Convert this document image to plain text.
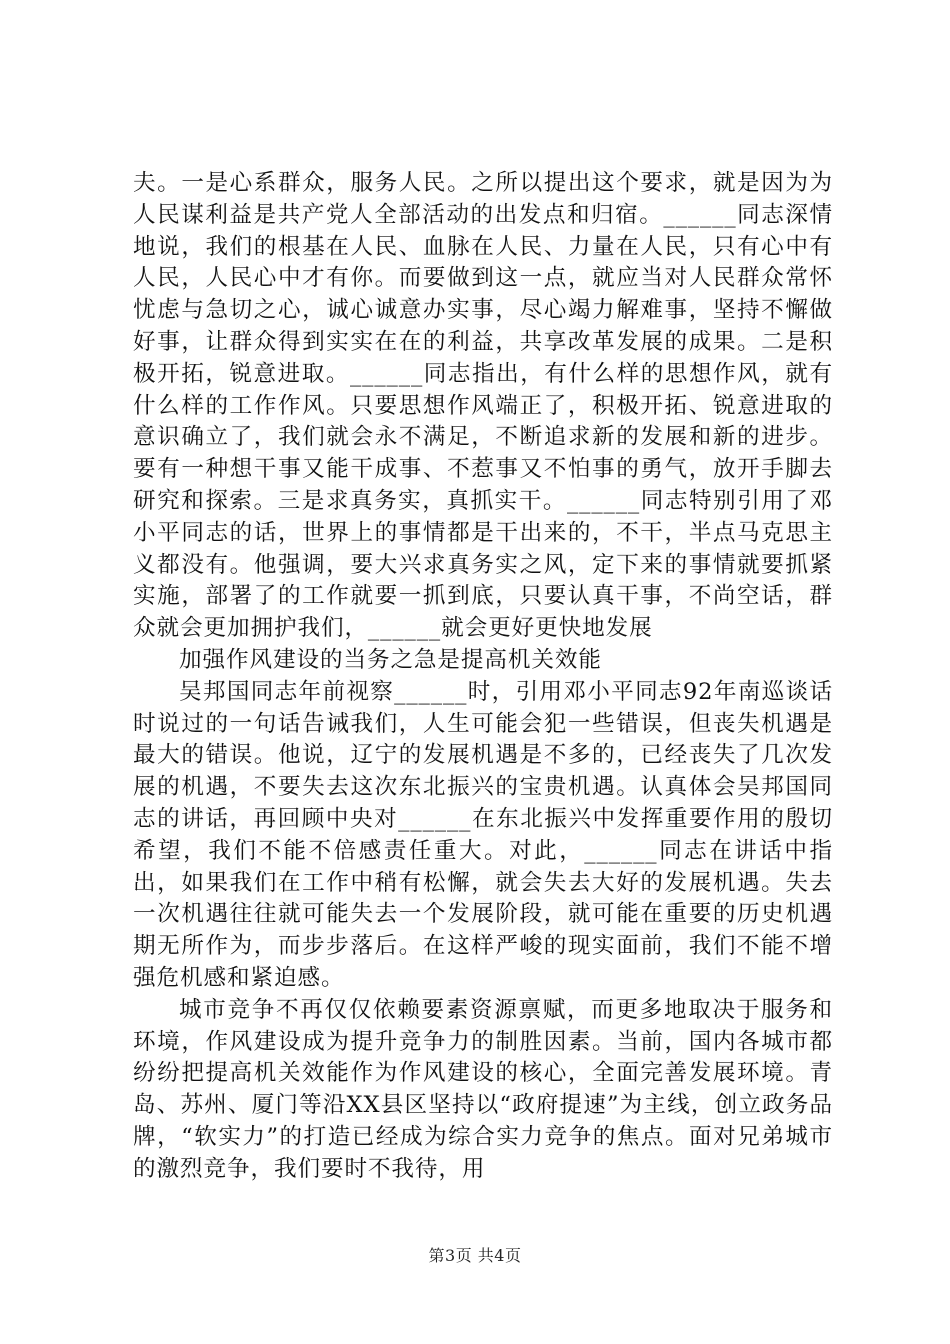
夫。一是心系群众，服务人民。之所以提出这个要求，就是因为为人民谋利益是共产党人全部活动的出发点和归宿。______同志深情地说，我们的根基在人民、血脉在人民、力量在人民，只有心中有人民，人民心中才有你。而要做到这一点，就应当对人民群众常怀忧虑与急切之心，诚心诚意办实事，尽心竭力解难事，坚持不懈做好事，让群众得到实实在在的利益，共享改革发展的成果。二是积极开拓，锐意进取。______同志指出，有什么样的思想作风，就有什么样的工作作风。只要思想作风端正了，积极开拓、锐意进取的意识确立了，我们就会永不满足，不断追求新的发展和新的进步。要有一种想干事又能干成事、不惹事又不怕事的勇气，放开手脚去研究和探索。三是求真务实，真抓实干。______同志特别引用了邓小平同志的话，世界上的事情都是干出来的，不干，半点马克思主义都没有。他强调，要大兴求真务实之风，定下来的事情就要抓紧实施，部署了的工作就要一抓到底，只要认真干事，不尚空话，群众就会更加拥护我们，______就会更好更快地发展

加强作风建设的当务之急是提高机关效能

吴邦国同志年前视察______时，引用邓小平同志92年南巡谈话时说过的一句话告诫我们，人生可能会犯一些错误，但丧失机遇是最大的错误。他说，辽宁的发展机遇是不多的，已经丧失了几次发展的机遇，不要失去这次东北振兴的宝贵机遇。认真体会吴邦国同志的讲话，再回顾中央对______在东北振兴中发挥重要作用的殷切希望，我们不能不倍感责任重大。对此，______同志在讲话中指出，如果我们在工作中稍有松懈，就会失去大好的发展机遇。失去一次机遇往往就可能失去一个发展阶段，就可能在重要的历史机遇期无所作为，而步步落后。在这样严峻的现实面前，我们不能不增强危机感和紧迫感。

城市竞争不再仅仅依赖要素资源禀赋，而更多地取决于服务和环境，作风建设成为提升竞争力的制胜因素。当前，国内各城市都纷纷把提高机关效能作为作风建设的核心，全面完善发展环境。青岛、苏州、厦门等沿XX县区坚持以“政府提速”为主线，创立政务品牌，“软实力”的打造已经成为综合实力竞争的焦点。面对兄弟城市的激烈竞争，我们要时不我待，用

第3页 共4页
